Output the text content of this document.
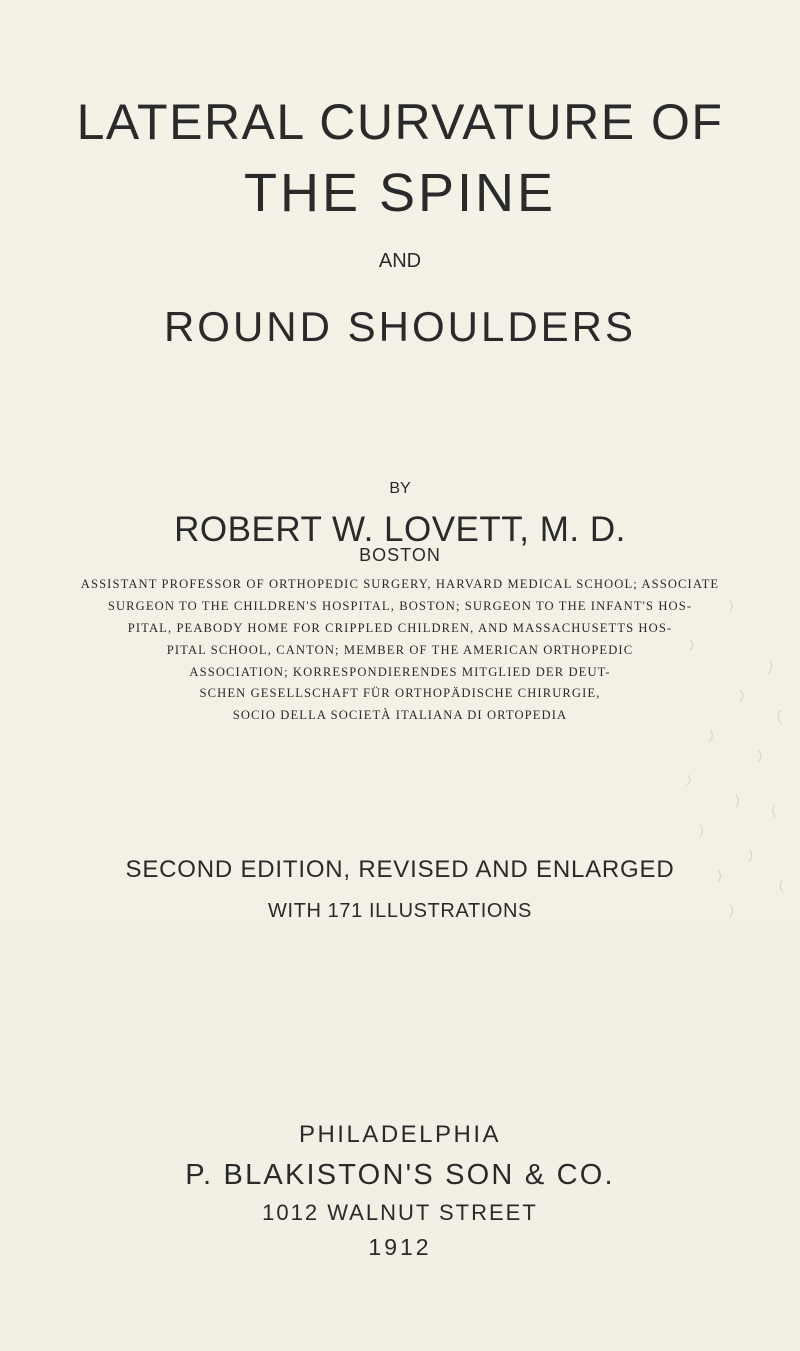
LATERAL CURVATURE OF
THE SPINE
AND
ROUND SHOULDERS
BY
ROBERT W. LOVETT, M. D.
BOSTON
ASSISTANT PROFESSOR OF ORTHOPEDIC SURGERY, HARVARD MEDICAL SCHOOL; ASSOCIATE
SURGEON TO THE CHILDREN'S HOSPITAL, BOSTON; SURGEON TO THE INFANT'S HOS-
PITAL, PEABODY HOME FOR CRIPPLED CHILDREN, AND MASSACHUSETTS HOS-
PITAL SCHOOL, CANTON; MEMBER OF THE AMERICAN ORTHOPEDIC
ASSOCIATION; KORRESPONDIERENDES MITGLIED DER DEUT-
SCHEN GESELLSCHAFT FÜR ORTHOPÄDISCHE CHIRURGIE,
SOCIO DELLA SOCIETÀ ITALIANA DI ORTOPEDIA
SECOND EDITION, REVISED AND ENLARGED
WITH 171 ILLUSTRATIONS
PHILADELPHIA
P. BLAKISTON'S SON & CO.
1012 WALNUT STREET
1912
